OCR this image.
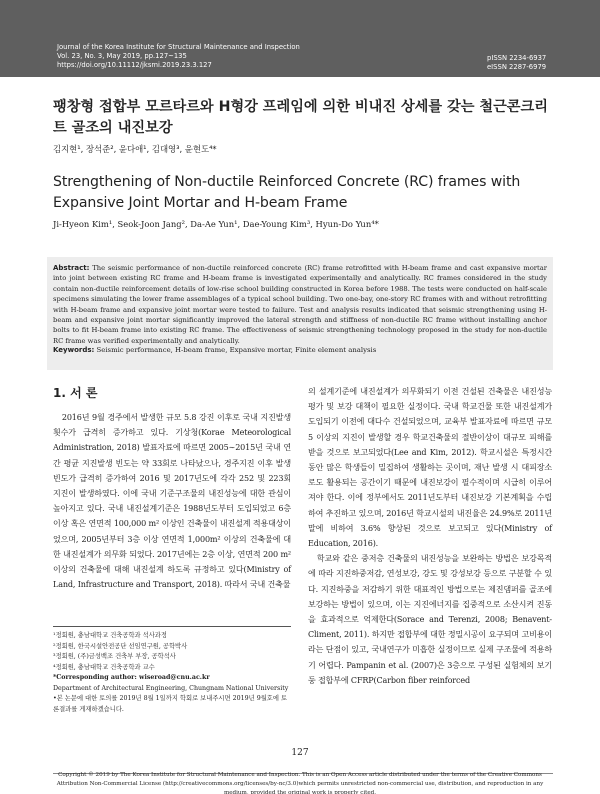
Journal of the Korea Institute for Structural Maintenance and Inspection
Vol. 23, No. 3, May 2019, pp.127~135
https://doi.org/10.11112/jksmi.2019.23.3.127
pISSN 2234-6937
eISSN 2287-6979
팽창형 접합부 모르타르와 H형강 프레임에 의한 비내진 상세를 갖는 철근콘크리트 골조의 내진보강
김지현¹, 장석준², 윤다애¹, 김대영³, 윤현도⁴*
Strengthening of Non-ductile Reinforced Concrete (RC) frames with Expansive Joint Mortar and H-beam Frame
Ji-Hyeon Kim¹, Seok-Joon Jang², Da-Ae Yun¹, Dae-Young Kim³, Hyun-Do Yun⁴*
Abstract: The seismic performance of non-ductile reinforced concrete (RC) frame retrofitted with H-beam frame and cast expansive mortar into joint between existing RC frame and H-beam frame is investigated experimentally and analytically. RC frames considered in the study contain non-ductile reinforcement details of low-rise school building constructed in Korea before 1988. The tests were conducted on half-scale specimens simulating the lower frame assemblages of a typical school building. Two one-bay, one-story RC frames with and without retrofitting with H-beam frame and expansive joint mortar were tested to failure. Test and analysis results indicated that seismic strengthening using H-beam and expansive joint mortar significantly improved the lateral strength and stiffness of non-ductile RC frame without installing anchor bolts to fit H-beam frame into existing RC frame. The effectiveness of seismic strengthening technology proposed in the study for non-ductile RC frame was verified experimentally and analytically.
Keywords: Seismic performance, H-beam frame, Expansive mortar, Finite element analysis
1. 서 론

2016년 9월 경주에서 발생한 규모 5.8 강진 이후로 국내 지진발생 횟수가 급격히 증가하고 있다. 기상청(Korae Meteorological Administration, 2018) 발표자료에 따르면 2005∼2015년 국내 연간 평균 지진발생 빈도는 약 33회로 나타났으나, 경주지진 이후 발생 빈도가 급격히 증가하여 2016 및 2017년도에 각각 252 및 223회 지진이 발생하였다. 이에 국내 기준구조물의 내진성능에 대한 관심이 높아지고 있다. 국내 내진설계기준은 1988년도부터 도입되었고 6층이상 혹은 연면적 100,000 m² 이상인 건축물이 내진설계 적용대상이었으며, 2005년부터 3층 이상 연면적 1,000m² 이상의 건축물에 대한 내진설계가 의무화 되었다. 2017년에는 2층 이상, 연면적 200 m² 이상의 건축물에 대해 내진설계 하도록 규정하고 있다(Ministry of Land, Infrastructure and Transport, 2018). 따라서 국내 건축물

의 설계기준에 내진설계가 의무화되기 이전 건설된 건축물은 내진성능 평가 및 보강 대책이 필요한 실정이다. 국내 학교건물 또한 내진설계가 도입되기 이전에 대다수 건설되었으며, 교육부 발표자료에 따르면 규모 5 이상의 지진이 발생할 경우 학교건축물의 절반이상이 대규모 피해를 받을 것으로 보고되었다(Lee and Kim, 2012). 학교시설은 특정시간 동안 많은 학생들이 밀집하여 생활하는 곳이며, 재난 발생 시 대피장소로도 활용되는 공간이기 때문에 내진보강이 필수적이며 시급히 이루어져야 한다. 이에 정부에서도 2011년도부터 내진보강 기본계획을 수립하여 추진하고 있으며, 2016년 학교시설의 내진율은 24.9%로 2011년 말에 비하여 3.6% 향상된 것으로 보고되고 있다(Ministry of Education, 2016).

학교와 같은 중저층 건축물의 내진성능을 보완하는 방법은 보강목적에 따라 지진하중저감, 연성보강, 강도 및 강성보강 등으로 구분할 수 있다. 지진하중을 저감하기 위한 대표적인 방법으로는 제진댐퍼를 골조에 보강하는 방법이 있으며, 이는 지진에너지를 집중적으로 소산시켜 진동을 효과적으로 억제한다(Sorace and Terenzi, 2008; Benavent- Climent, 2011). 하지만 접합부에 대한 정밀시공이 요구되며 고비용이라는 단점이 있고, 국내연구가 미흡한 실정이므로 실제 구조물에 적용하기 어렵다. Pampanin et al. (2007)은 3층으로 구성된 실험체의 보기둥 접합부에 CFRP(Carbon fiber reinforced

¹정회원, 충남대학교 건축공학과 석사과정
²정회원, 한국시설안전공단 선임연구원, 공학박사
³정회원, (주)금성백조 건축부 부장, 공학석사
⁴정회원, 충남대학교 건축공학과 교수
*Corresponding author: wiseroad@cnu.ac.kr
Department of Architectural Engineering, Chungnam National University
•본 논문에 대한 토의를 2019년 8월 1일까지 학회로 보내주시면 2019년 9월호에 토론결과를 게재하겠습니다.
127
Copyright © 2019 by The Korea Institute for Structural Maintenance and Inspection. This is an Open Access article distributed under the terms of the Creative Commons Attribution Non-Commercial License (http://creativecommons.org/licenses/by-nc/3.0)which permits unrestricted non-commercial use, distribution, and reproduction in any medium, provided the original work is properly cited.
